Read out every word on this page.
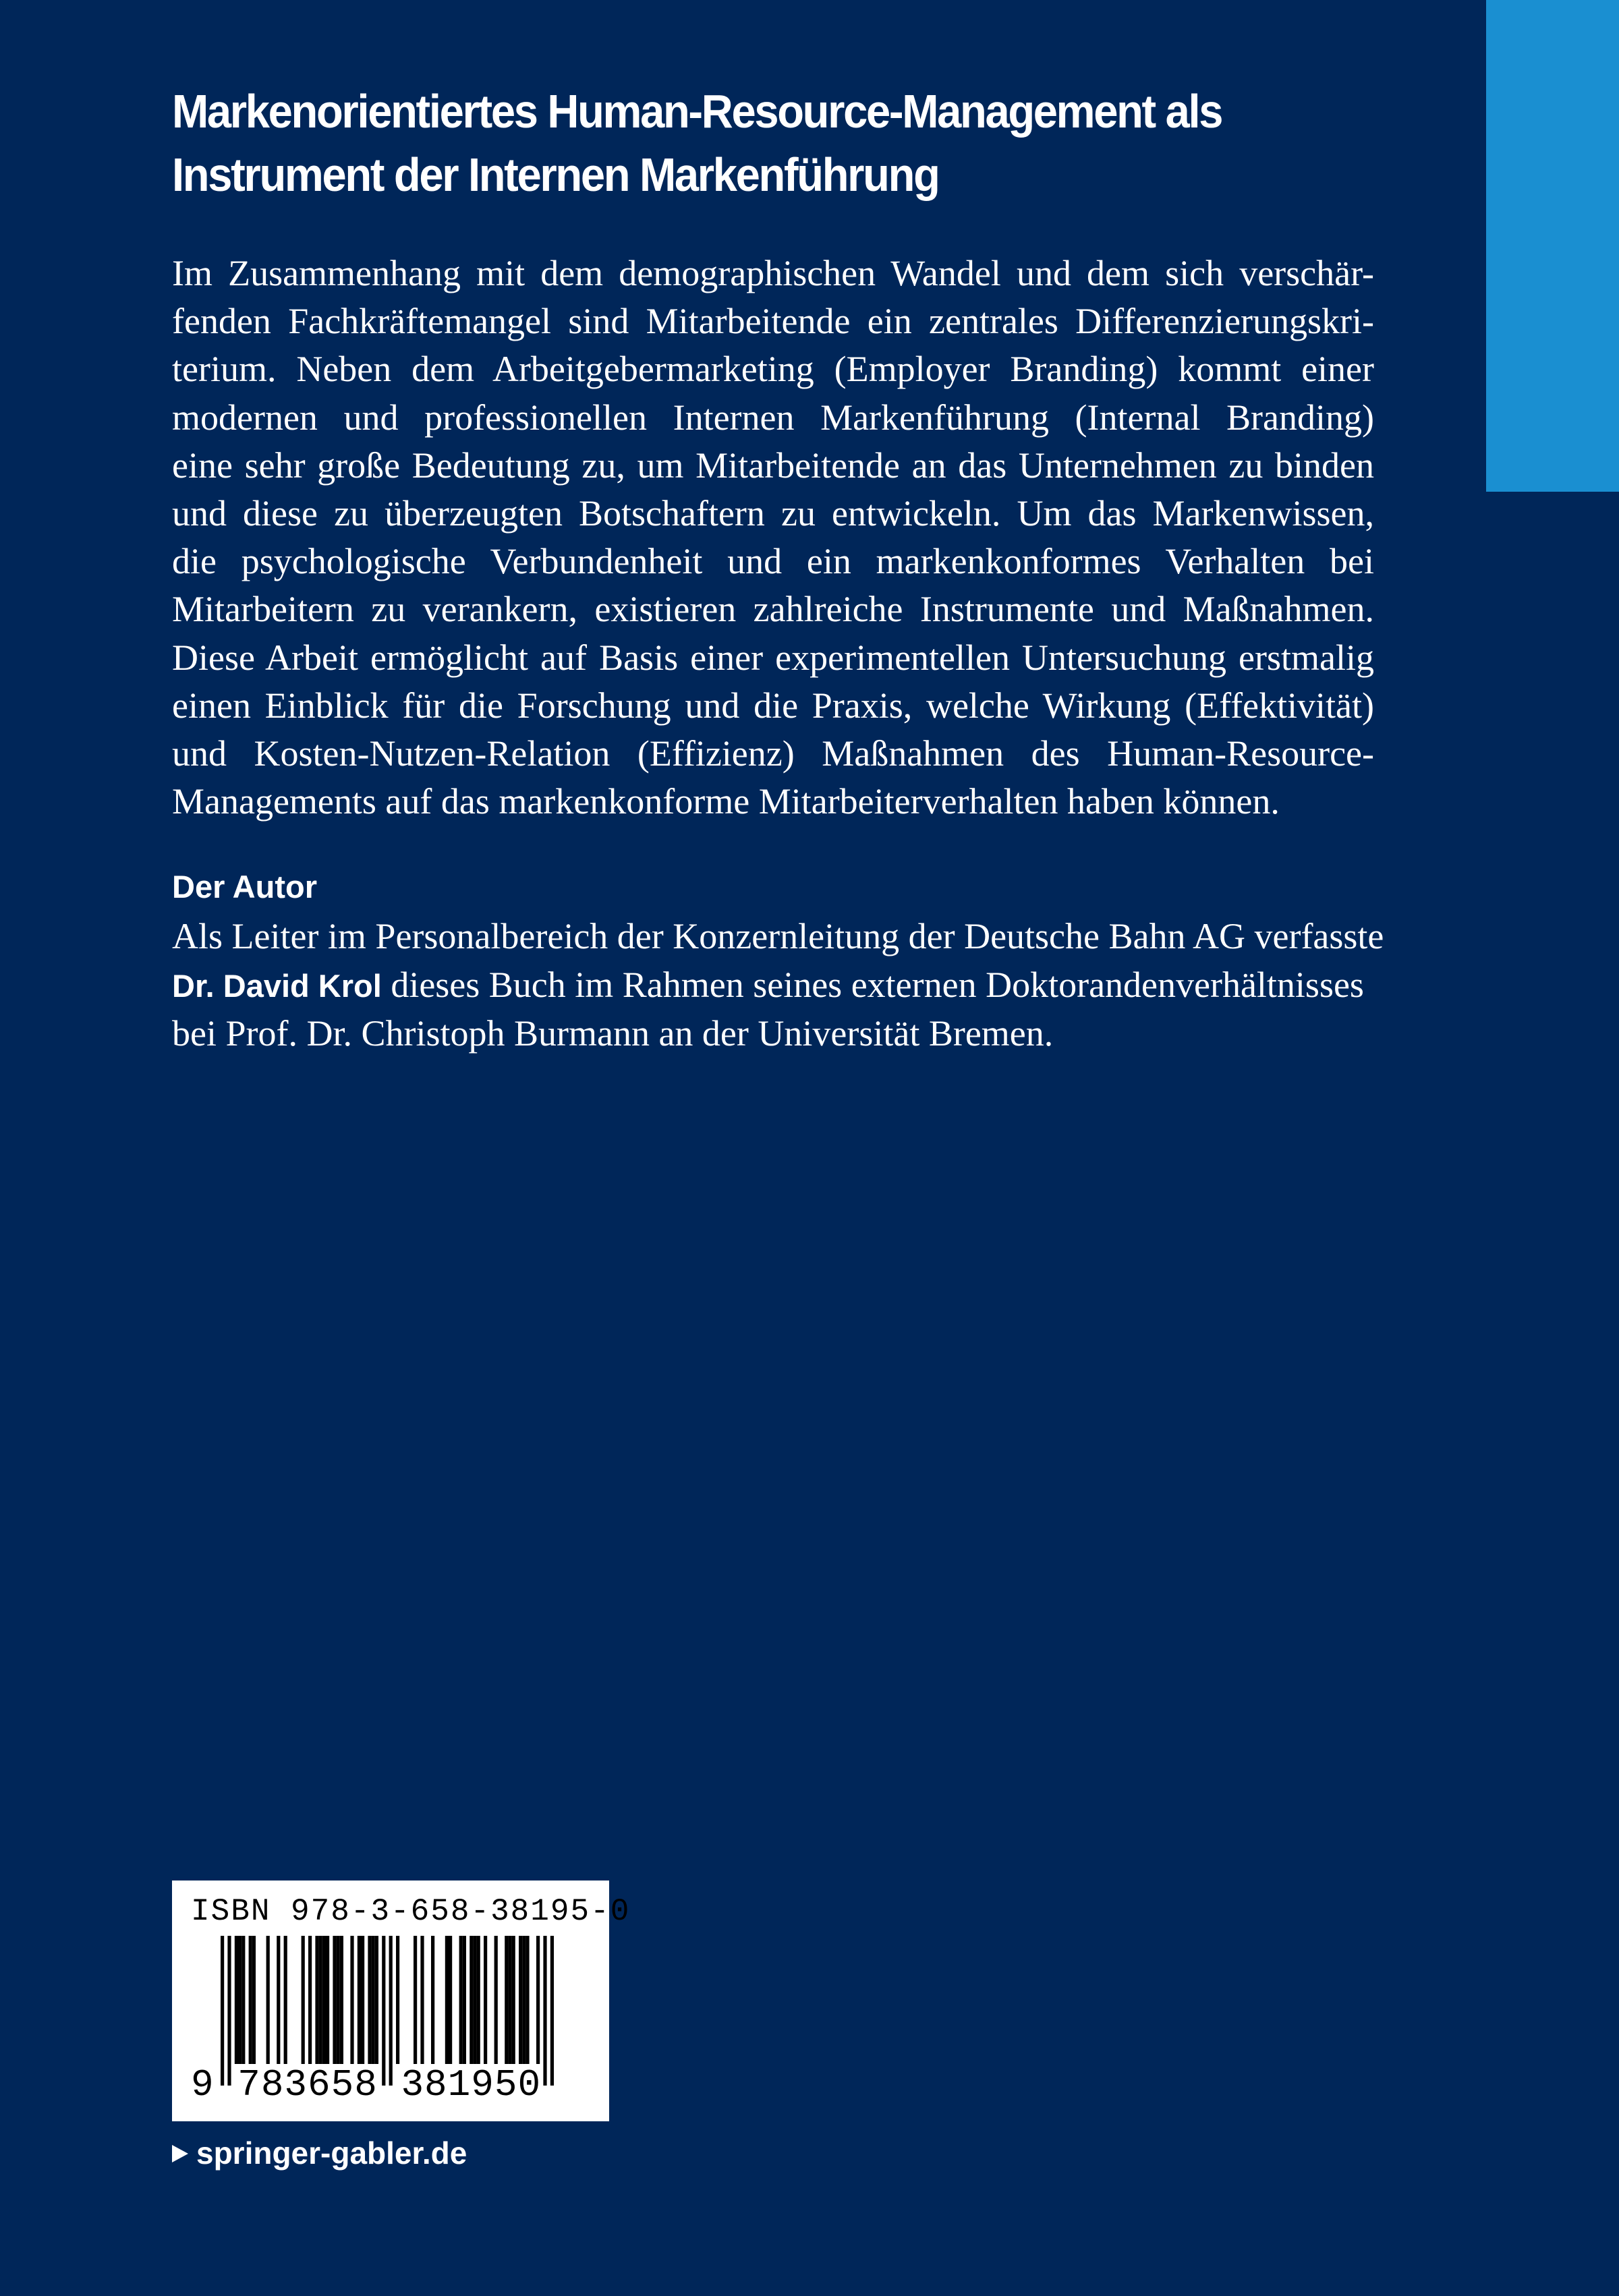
Markenorientiertes Human-Resource-Management als
Instrument der Internen Markenführung

Im Zusammenhang mit dem demographischen Wandel und dem sich verschär-
fenden Fachkräftemangel sind Mitarbeitende ein zentrales Differenzierungskri-
terium. Neben dem Arbeitgebermarketing (Employer Branding) kommt einer
modernen und professionellen Internen Markenführung (Internal Branding)
eine sehr große Bedeutung zu, um Mitarbeitende an das Unternehmen zu binden
und diese zu überzeugten Botschaftern zu entwickeln. Um das Markenwissen,
die psychologische Verbundenheit und ein markenkonformes Verhalten bei
Mitarbeitern zu verankern, existieren zahlreiche Instrumente und Maßnahmen.
Diese Arbeit ermöglicht auf Basis einer experimentellen Untersuchung erstmalig
einen Einblick für die Forschung und die Praxis, welche Wirkung (Effektivität)
und Kosten-Nutzen-Relation (Effizienz) Maßnahmen des Human-Resource-
Managements auf das markenkonforme Mitarbeiterverhalten haben können.

Der Autor

Als Leiter im Personalbereich der Konzernleitung der Deutsche Bahn AG verfasste
Dr. David Krol dieses Buch im Rahmen seines externen Doktorandenverhältnisses
bei Prof. Dr. Christoph Burmann an der Universität Bremen.

ISBN 978-3-658-38195-0
9 783658 381950
springer-gabler.de
